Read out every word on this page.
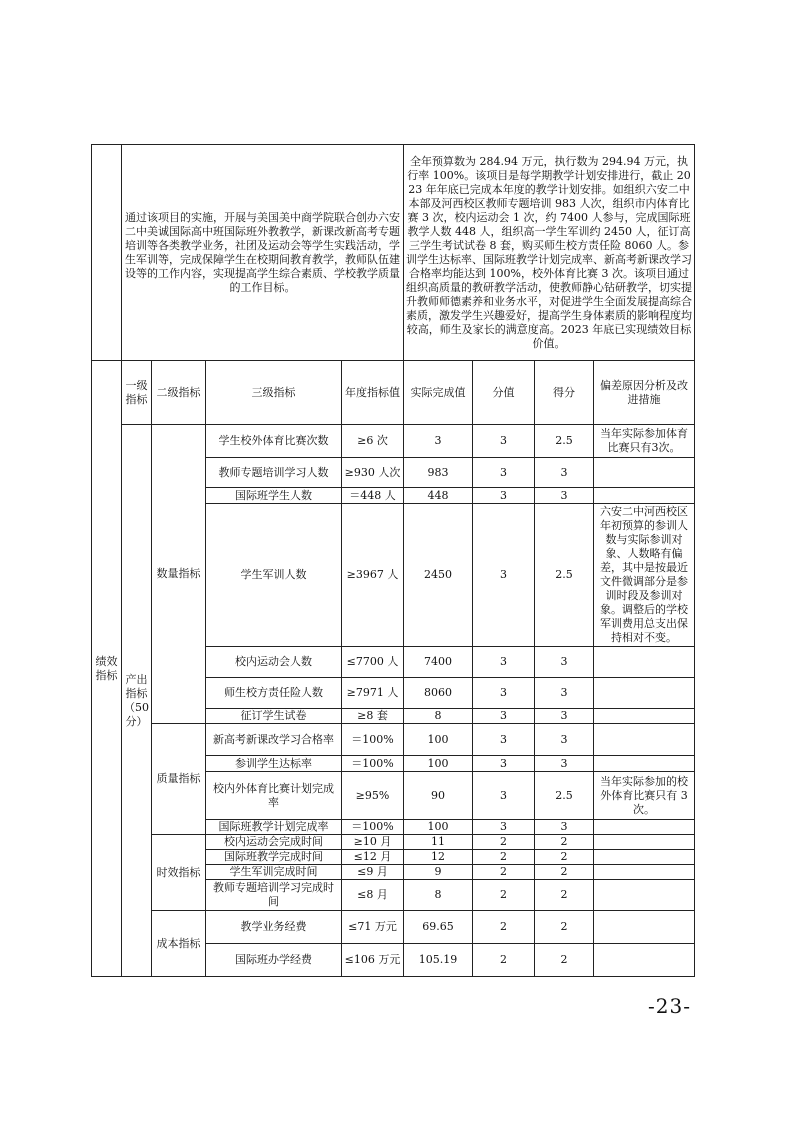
	通过该项目的实施，开展与美国美中商学院联合创办六安二中美诚国际高中班国际班外教教学，新课改新高考专题培训等各类教学业务，社团及运动会等学生实践活动，学生军训等，完成保障学生在校期间教育教学，教师队伍建设等的工作内容，实现提高学生综合素质、学校教学质量的工作目标。				全年预算数为 284.94 万元，执行数为 294.94 万元，执行率 100%。该项目是每学期教学计划安排进行，截止 2023 年年底已完成本年度的教学计划安排。如组织六安二中本部及河西校区教师专题培训 983 人次，组织市内体育比赛 3 次，校内运动会 1 次，约 7400 人参与，完成国际班教学人数 448 人，组织高一学生军训约 2450 人，征订高三学生考试试卷 8 套，购买师生校方责任险 8060 人。参训学生达标率、国际班教学计划完成率、新高考新课改学习合格率均能达到 100%，校外体育比赛 3 次。该项目通过组织高质量的教研教学活动，使教师静心钻研教学，切实提升教师师德素养和业务水平，对促进学生全面发展提高综合素质，激发学生兴趣爱好，提高学生身体素质的影响程度均较高，师生及家长的满意度高。2023 年底已实现绩效目标价值。			
绩效指标	一级指标	二级指标	三级指标	年度指标值	实际完成值	分值	得分	偏差原因分析及改进措施
	产出指标（50分）	数量指标	学生校外体育比赛次数	≥6 次	3	3	2.5	当年实际参加体育比赛只有3次。
			教师专题培训学习人数	≥930 人次	983	3	3	
			国际班学生人数	＝448 人	448	3	3	
			学生军训人数	≥3967 人	2450	3	2.5	六安二中河西校区年初预算的参训人数与实际参训对象、人数略有偏差，其中是按最近文件微调部分是参训时段及参训对象。调整后的学校军训费用总支出保持相对不变。
			校内运动会人数	≤7700 人	7400	3	3	
			师生校方责任险人数	≥7971 人	8060	3	3	
			征订学生试卷	≥8 套	8	3	3	
		质量指标	新高考新课改学习合格率	＝100%	100	3	3	
			参训学生达标率	＝100%	100	3	3	
			校内外体育比赛计划完成率	≥95%	90	3	2.5	当年实际参加的校外体育比赛只有 3 次。
			国际班教学计划完成率	＝100%	100	3	3	
		时效指标	校内运动会完成时间	≥10 月	11	2	2	
			国际班教学完成时间	≤12 月	12	2	2	
			学生军训完成时间	≤9 月	9	2	2	
			教师专题培训学习完成时间	≤8 月	8	2	2	
		成本指标	教学业务经费	≤71 万元	69.65	2	2	
			国际班办学经费	≤106 万元	105.19	2	2	
-23-
